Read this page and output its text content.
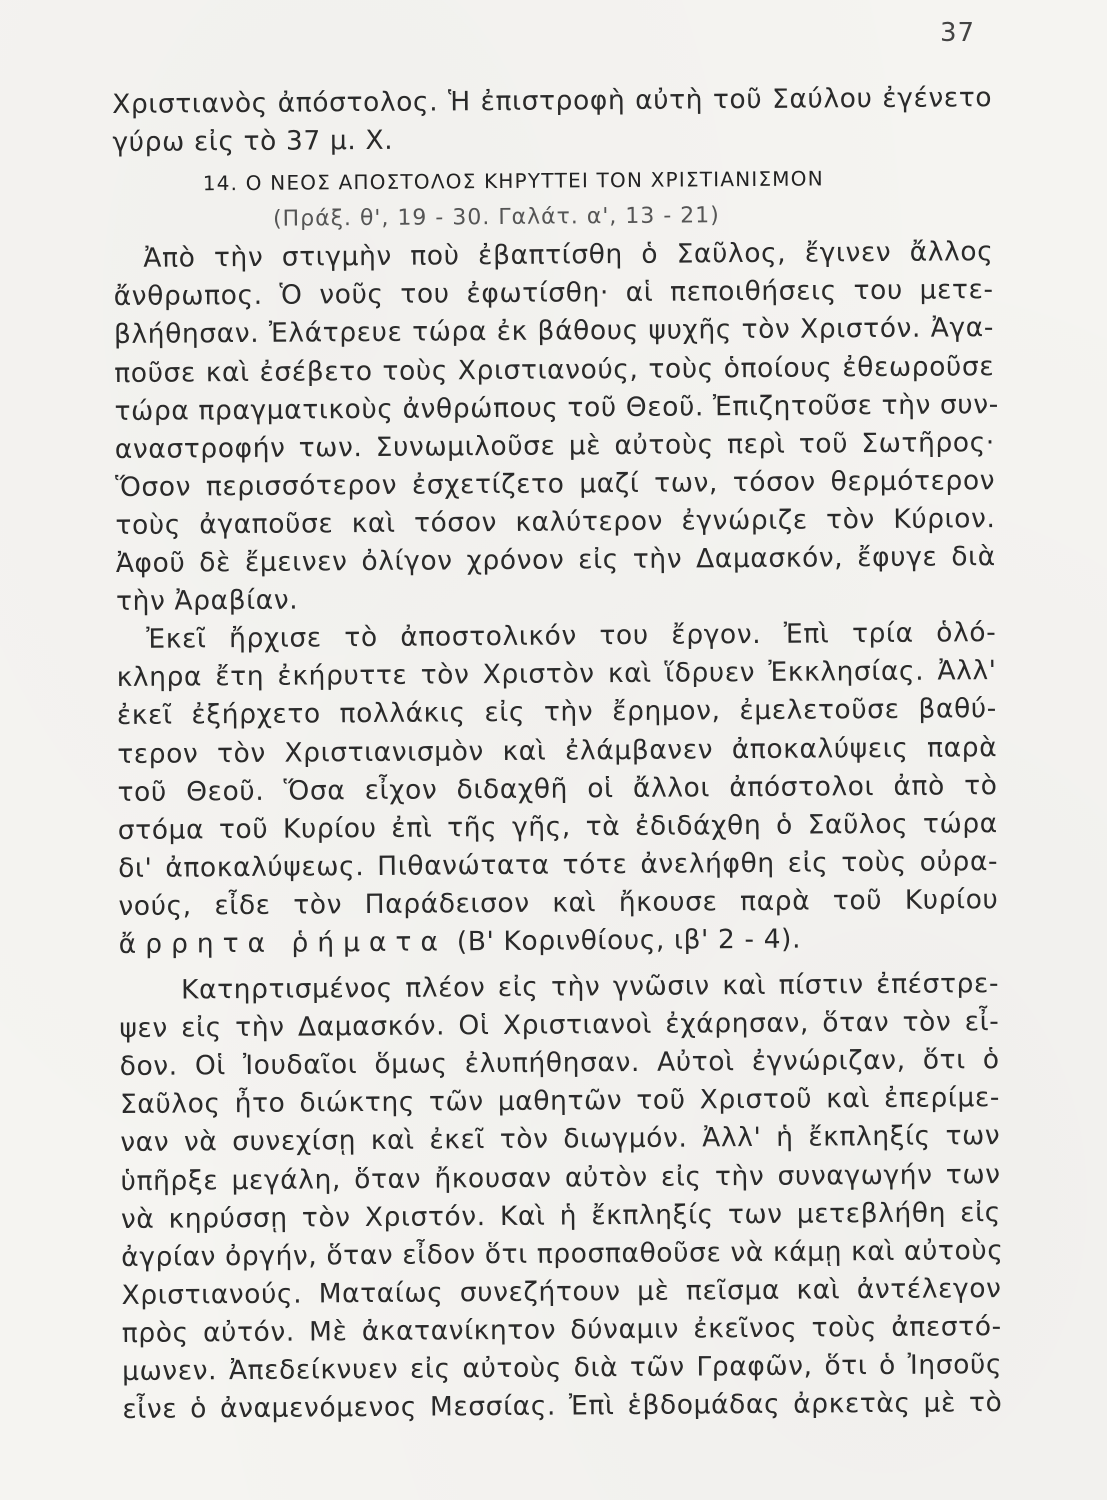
37
Χριστιανὸς ἀπόστολος. Ἡ ἐπιστροφὴ αὐτὴ τοῦ Σαύλου ἐγένετο
γύρω εἰς τὸ 37 μ. Χ.
14. Ο ΝΕΟΣ ΑΠΟΣΤΟΛΟΣ ΚΗΡΥΤΤΕΙ ΤΟΝ ΧΡΙΣΤΙΑΝΙΣΜΟΝ
(Πράξ. θ', 19 - 30. Γαλάτ. α', 13 - 21)
Ἀπὸ τὴν στιγμὴν ποὺ ἐβαπτίσθη ὁ Σαῦλος, ἔγινεν ἄλλος
ἄνθρωπος. Ὁ νοῦς του ἐφωτίσθη· αἱ πεποιθήσεις του μετε-
βλήθησαν. Ἐλάτρευε τώρα ἐκ βάθους ψυχῆς τὸν Χριστόν. Ἀγα-
ποῦσε καὶ ἐσέβετο τοὺς Χριστιανούς, τοὺς ὁποίους ἐθεωροῦσε
τώρα πραγματικοὺς ἀνθρώπους τοῦ Θεοῦ. Ἐπιζητοῦσε τὴν συν-
αναστροφήν των. Συνωμιλοῦσε μὲ αὐτοὺς περὶ τοῦ Σωτῆρος·
Ὅσον περισσότερον ἐσχετίζετο μαζί των, τόσον θερμότερον
τοὺς ἀγαποῦσε καὶ τόσον καλύτερον ἐγνώριζε τὸν Κύριον.
Ἀφοῦ δὲ ἔμεινεν ὀλίγον χρόνον εἰς τὴν Δαμασκόν, ἔφυγε διὰ
τὴν Ἀραβίαν.
Ἐκεῖ ἤρχισε τὸ ἀποστολικόν του ἔργον. Ἐπὶ τρία ὁλό-
κληρα ἔτη ἐκήρυττε τὸν Χριστὸν καὶ ἵδρυεν Ἐκκλησίας. Ἀλλ'
ἐκεῖ ἐξήρχετο πολλάκις εἰς τὴν ἔρημον, ἐμελετοῦσε βαθύ-
τερον τὸν Χριστιανισμὸν καὶ ἐλάμβανεν ἀποκαλύψεις παρὰ
τοῦ Θεοῦ. Ὅσα εἶχον διδαχθῆ οἱ ἄλλοι ἀπόστολοι ἀπὸ τὸ
στόμα τοῦ Κυρίου ἐπὶ τῆς γῆς, τὰ ἐδιδάχθη ὁ Σαῦλος τώρα
δι' ἀποκαλύψεως. Πιθανώτατα τότε ἀνελήφθη εἰς τοὺς οὐρα-
νούς, εἶδε τὸν Παράδεισον καὶ ἤκουσε παρὰ τοῦ Κυρίου
ἄρρητα ῥήματα (Β' Κορινθίους, ιβ' 2 - 4).
Κατηρτισμένος πλέον εἰς τὴν γνῶσιν καὶ πίστιν ἐπέστρε-
ψεν εἰς τὴν Δαμασκόν. Οἱ Χριστιανοὶ ἐχάρησαν, ὅταν τὸν εἶ-
δον. Οἱ Ἰουδαῖοι ὅμως ἐλυπήθησαν. Αὐτοὶ ἐγνώριζαν, ὅτι ὁ
Σαῦλος ἦτο διώκτης τῶν μαθητῶν τοῦ Χριστοῦ καὶ ἐπερίμε-
ναν νὰ συνεχίσῃ καὶ ἐκεῖ τὸν διωγμόν. Ἀλλ' ἡ ἔκπληξίς των
ὑπῆρξε μεγάλη, ὅταν ἤκουσαν αὐτὸν εἰς τὴν συναγωγήν των
νὰ κηρύσσῃ τὸν Χριστόν. Καὶ ἡ ἔκπληξίς των μετεβλήθη εἰς
ἀγρίαν ὀργήν, ὅταν εἶδον ὅτι προσπαθοῦσε νὰ κάμῃ καὶ αὐτοὺς
Χριστιανούς. Ματαίως συνεζήτουν μὲ πεῖσμα καὶ ἀντέλεγον
πρὸς αὐτόν. Μὲ ἀκατανίκητον δύναμιν ἐκεῖνος τοὺς ἀπεστό-
μωνεν. Ἀπεδείκνυεν εἰς αὐτοὺς διὰ τῶν Γραφῶν, ὅτι ὁ Ἰησοῦς
εἶνε ὁ ἀναμενόμενος Μεσσίας. Ἐπὶ ἑβδομάδας ἀρκετὰς μὲ τὸ
